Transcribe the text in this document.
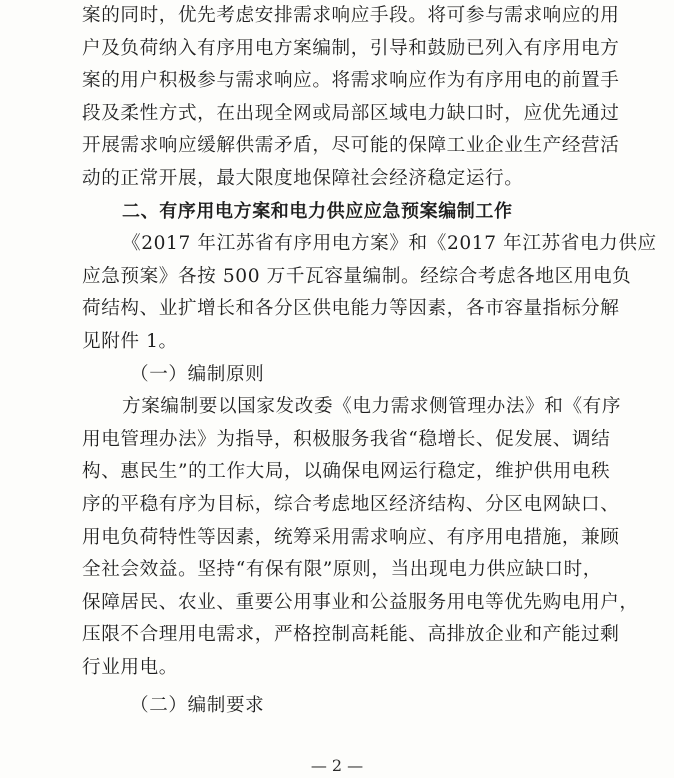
案的同时，优先考虑安排需求响应手段。将可参与需求响应的用
户及负荷纳入有序用电方案编制，引导和鼓励已列入有序用电方
案的用户积极参与需求响应。将需求响应作为有序用电的前置手
段及柔性方式，在出现全网或局部区域电力缺口时，应优先通过
开展需求响应缓解供需矛盾，尽可能的保障工业企业生产经营活
动的正常开展，最大限度地保障社会经济稳定运行。
二、有序用电方案和电力供应应急预案编制工作
《2017 年江苏省有序用电方案》和《2017 年江苏省电力供应
应急预案》各按 500 万千瓦容量编制。经综合考虑各地区用电负
荷结构、业扩增长和各分区供电能力等因素，各市容量指标分解
见附件 1。
（一）编制原则
方案编制要以国家发改委《电力需求侧管理办法》和《有序
用电管理办法》为指导，积极服务我省“稳增长、促发展、调结
构、惠民生”的工作大局，以确保电网运行稳定，维护供用电秩
序的平稳有序为目标，综合考虑地区经济结构、分区电网缺口、
用电负荷特性等因素，统筹采用需求响应、有序用电措施，兼顾
全社会效益。坚持“有保有限”原则，当出现电力供应缺口时，
保障居民、农业、重要公用事业和公益服务用电等优先购电用户，
压限不合理用电需求，严格控制高耗能、高排放企业和产能过剩
行业用电。
（二）编制要求
— 2 —
